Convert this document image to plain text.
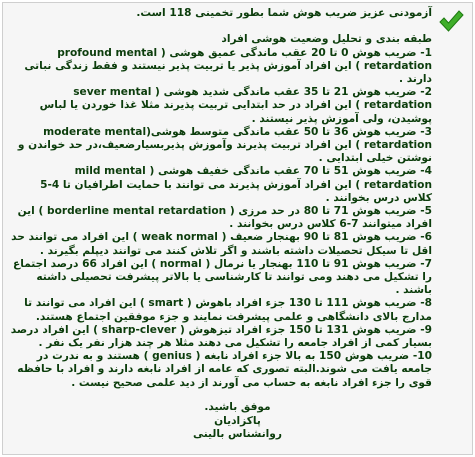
آزمودنی عزیز ضریب هوش شما بطور تخمینی 118 است.

طبقه بندی و تحلیل وضعیت هوشی افراد

1- ضریب هوش 0 تا 20 عقب ماندگی عمیق هوشی ( profound mental retardation ) این افراد آموزش پذیر یا تربیت پذیر نیستند و فقط زندگی نباتی دارند .

2- ضریب هوش 21 تا 35 عقب ماندگی شدید هوشی ( sever mental retardation ) این افراد در حد ابتدایی تربیت پذیرند مثلا غذا خوردن یا لباس پوشیدن، ولی آموزش پذیر نیستند .

3- ضریب هوش 36 تا 50 عقب ماندگی متوسط هوشی(moderate mental retardation ) این افراد تربیت پذیرند وآموزش پذیربسیارضعیف،در حد خواندن و نوشتن خیلی ابتدایی .

4- ضریب هوش 51 تا 70 عقب ماندگی خفیف هوشی ( mild mental retardation ) این افراد آموزش پذیرند می توانند با حمایت اطرافیان تا 4-5 کلاس درس بخوانند .

5- ضریب هوش 71 تا 80 در حد مرزی ( borderline mental retardation ) این افراد میتوانند 7-6 کلاس درس بخوانند .

6- ضریب هوش 81 تا 90 بهنجار ضعیف ( weak normal ) این افراد می توانند حد اقل تا سیکل تحصیلات داشته باشند و اگر تلاش کنند می توانند دیپلم بگیرند .

7- ضریب هوش 91 تا 110 بهنجار یا نرمال ( normal ) این افراد 66 درصد اجتماع را تشکیل می دهند ومی توانند تا کارشناسی یا بالاتر پیشرفت تحصیلی داشته باشند .

8- ضریب هوش 111 تا 130 جزء افراد باهوش ( smart ) این افراد می توانند تا مدارج بالای دانشگاهی و علمی پیشرفت نمایند و جزء موفقین اجتماع هستند.

9- ضریب هوش 131 تا 150 جزء افراد تیزهوش ( sharp-clever ) این افراد درصد بسیار کمی از افراد جامعه را تشکیل می دهند مثلا هر چند هزار نفر یک نفر .

10- ضریب هوش 150 به بالا جزء افراد نابغه ( genius ) هستند و به ندرت در جامعه یافت می شوند.البته تصوری که عامه از افراد نابغه دارند و افراد با حافظه قوی را جزء افراد نابغه به حساب می آورند از دید علمی صحیح نیست .

موفق باشید.

پاکزادیان

روانشناس بالینی
